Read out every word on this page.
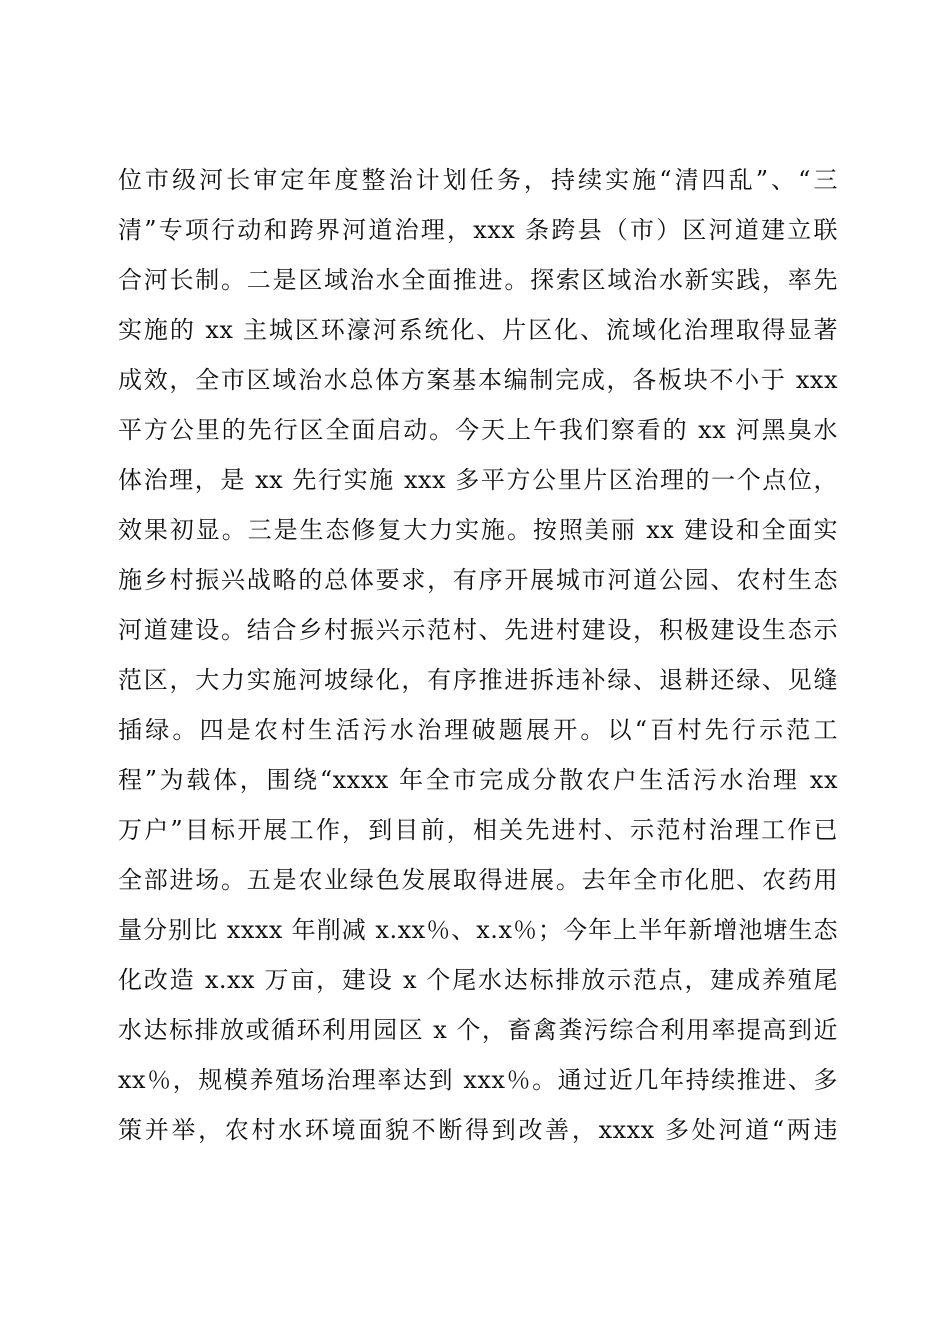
位市级河长审定年度整治计划任务，持续实施“清四乱”、“三
清”专项行动和跨界河道治理，xxx 条跨县（市）区河道建立联
合河长制。二是区域治水全面推进。探索区域治水新实践，率先
实施的 xx 主城区环濠河系统化、片区化、流域化治理取得显著
成效，全市区域治水总体方案基本编制完成，各板块不小于 xxx
平方公里的先行区全面启动。今天上午我们察看的 xx 河黑臭水
体治理，是 xx 先行实施 xxx 多平方公里片区治理的一个点位，
效果初显。三是生态修复大力实施。按照美丽 xx 建设和全面实
施乡村振兴战略的总体要求，有序开展城市河道公园、农村生态
河道建设。结合乡村振兴示范村、先进村建设，积极建设生态示
范区，大力实施河坡绿化，有序推进拆违补绿、退耕还绿、见缝
插绿。四是农村生活污水治理破题展开。以“百村先行示范工
程”为载体，围绕“xxxx 年全市完成分散农户生活污水治理 xx
万户”目标开展工作，到目前，相关先进村、示范村治理工作已
全部进场。五是农业绿色发展取得进展。去年全市化肥、农药用
量分别比 xxxx 年削减 x.xx％、x.x％；今年上半年新增池塘生态
化改造 x.xx 万亩，建设 x 个尾水达标排放示范点，建成养殖尾
水达标排放或循环利用园区 x 个，畜禽粪污综合利用率提高到近
xx％，规模养殖场治理率达到 xxx％。通过近几年持续推进、多
策并举，农村水环境面貌不断得到改善，xxxx 多处河道“两违
